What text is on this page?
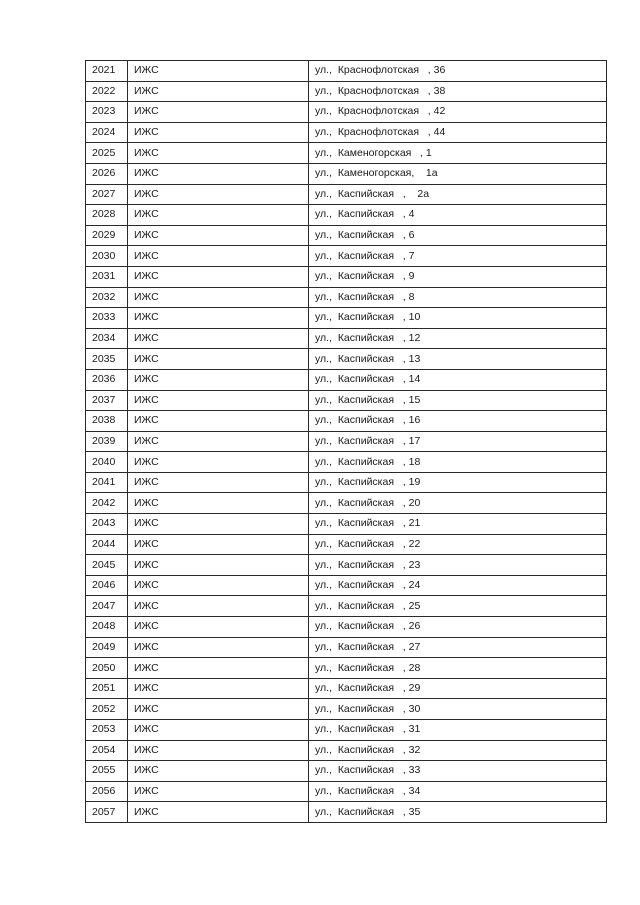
2021	ИЖС	ул.,  Краснофлотская   , 36
2022	ИЖС	ул.,  Краснофлотская   , 38
2023	ИЖС	ул.,  Краснофлотская   , 42
2024	ИЖС	ул.,  Краснофлотская   , 44
2025	ИЖС	ул.,  Каменогорская   , 1
2026	ИЖС	ул.,  Каменогорская,    1а
2027	ИЖС	ул.,  Каспийская   ,    2а
2028	ИЖС	ул.,  Каспийская   , 4
2029	ИЖС	ул.,  Каспийская   , 6
2030	ИЖС	ул.,  Каспийская   , 7
2031	ИЖС	ул.,  Каспийская   , 9
2032	ИЖС	ул.,  Каспийская   , 8
2033	ИЖС	ул.,  Каспийская   , 10
2034	ИЖС	ул.,  Каспийская   , 12
2035	ИЖС	ул.,  Каспийская   , 13
2036	ИЖС	ул.,  Каспийская   , 14
2037	ИЖС	ул.,  Каспийская   , 15
2038	ИЖС	ул.,  Каспийская   , 16
2039	ИЖС	ул.,  Каспийская   , 17
2040	ИЖС	ул.,  Каспийская   , 18
2041	ИЖС	ул.,  Каспийская   , 19
2042	ИЖС	ул.,  Каспийская   , 20
2043	ИЖС	ул.,  Каспийская   , 21
2044	ИЖС	ул.,  Каспийская   , 22
2045	ИЖС	ул.,  Каспийская   , 23
2046	ИЖС	ул.,  Каспийская   , 24
2047	ИЖС	ул.,  Каспийская   , 25
2048	ИЖС	ул.,  Каспийская   , 26
2049	ИЖС	ул.,  Каспийская   , 27
2050	ИЖС	ул.,  Каспийская   , 28
2051	ИЖС	ул.,  Каспийская   , 29
2052	ИЖС	ул.,  Каспийская   , 30
2053	ИЖС	ул.,  Каспийская   , 31
2054	ИЖС	ул.,  Каспийская   , 32
2055	ИЖС	ул.,  Каспийская   , 33
2056	ИЖС	ул.,  Каспийская   , 34
2057	ИЖС	ул.,  Каспийская   , 35
